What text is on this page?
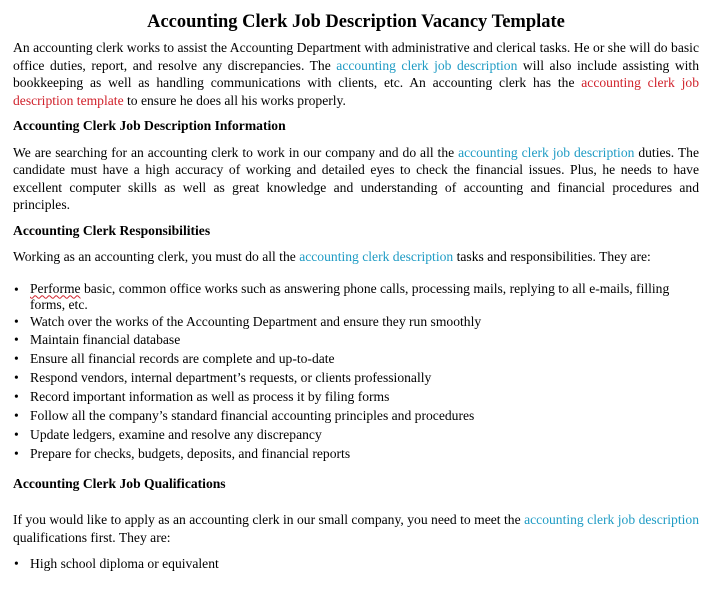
Accounting Clerk Job Description Vacancy Template

An accounting clerk works to assist the Accounting Department with administrative and clerical tasks. He or she will do basic office duties, report, and resolve any discrepancies. The accounting clerk job description will also include assisting with bookkeeping as well as handling communications with clients, etc. An accounting clerk has the accounting clerk job description template to ensure he does all his works properly.

Accounting Clerk Job Description Information

We are searching for an accounting clerk to work in our company and do all the accounting clerk job description duties. The candidate must have a high accuracy of working and detailed eyes to check the financial issues. Plus, he needs to have excellent computer skills as well as great knowledge and understanding of accounting and financial procedures and principles.

Accounting Clerk Responsibilities

Working as an accounting clerk, you must do all the accounting clerk description tasks and responsibilities. They are:

• Performe basic, common office works such as answering phone calls, processing mails, replying to all e-mails, filling
forms, etc.
• Watch over the works of the Accounting Department and ensure they run smoothly
• Maintain financial database
• Ensure all financial records are complete and up-to-date
• Respond vendors, internal department’s requests, or clients professionally
• Record important information as well as process it by filing forms
• Follow all the company’s standard financial accounting principles and procedures
• Update ledgers, examine and resolve any discrepancy
• Prepare for checks, budgets, deposits, and financial reports
Accounting Clerk Job Qualifications

If you would like to apply as an accounting clerk in our small company, you need to meet the accounting clerk job description qualifications first. They are:

• High school diploma or equivalent
